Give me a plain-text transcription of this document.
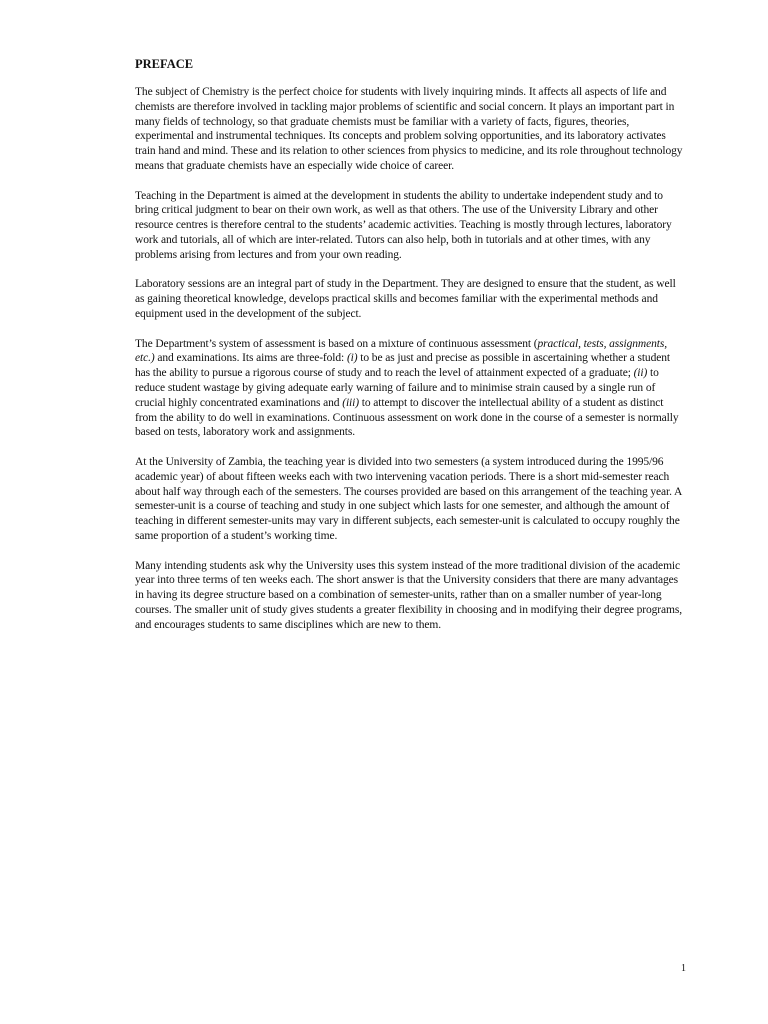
PREFACE

The subject of Chemistry is the perfect choice for students with lively inquiring minds. It affects all aspects of life and chemists are therefore involved in tackling major problems of scientific and social concern. It plays an important part in many fields of technology, so that graduate chemists must be familiar with a variety of facts, figures, theories, experimental and instrumental techniques. Its concepts and problem solving opportunities, and its laboratory activates train hand and mind. These and its relation to other sciences from physics to medicine, and its role throughout technology means that graduate chemists have an especially wide choice of career.

Teaching in the Department is aimed at the development in students the ability to undertake independent study and to bring critical judgment to bear on their own work, as well as that others. The use of the University Library and other resource centres is therefore central to the students’ academic activities. Teaching is mostly through lectures, laboratory work and tutorials, all of which are inter-related. Tutors can also help, both in tutorials and at other times, with any problems arising from lectures and from your own reading.

Laboratory sessions are an integral part of study in the Department. They are designed to ensure that the student, as well as gaining theoretical knowledge, develops practical skills and becomes familiar with the experimental methods and equipment used in the development of the subject.

The Department’s system of assessment is based on a mixture of continuous assessment (practical, tests, assignments, etc.) and examinations. Its aims are three-fold: (i) to be as just and precise as possible in ascertaining whether a student has the ability to pursue a rigorous course of study and to reach the level of attainment expected of a graduate; (ii) to reduce student wastage by giving adequate early warning of failure and to minimise strain caused by a single run of crucial highly concentrated examinations and (iii) to attempt to discover the intellectual ability of a student as distinct from the ability to do well in examinations. Continuous assessment on work done in the course of a semester is normally based on tests, laboratory work and assignments.

At the University of Zambia, the teaching year is divided into two semesters (a system introduced during the 1995/96 academic year) of about fifteen weeks each with two intervening vacation periods. There is a short mid-semester reach about half way through each of the semesters. The courses provided are based on this arrangement of the teaching year. A semester-unit is a course of teaching and study in one subject which lasts for one semester, and although the amount of teaching in different semester-units may vary in different subjects, each semester-unit is calculated to occupy roughly the same proportion of a student’s working time.

Many intending students ask why the University uses this system instead of the more traditional division of the academic year into three terms of ten weeks each. The short answer is that the University considers that there are many advantages in having its degree structure based on a combination of semester-units, rather than on a smaller number of year-long courses. The smaller unit of study gives students a greater flexibility in choosing and in modifying their degree programs, and encourages students to same disciplines which are new to them.

1
